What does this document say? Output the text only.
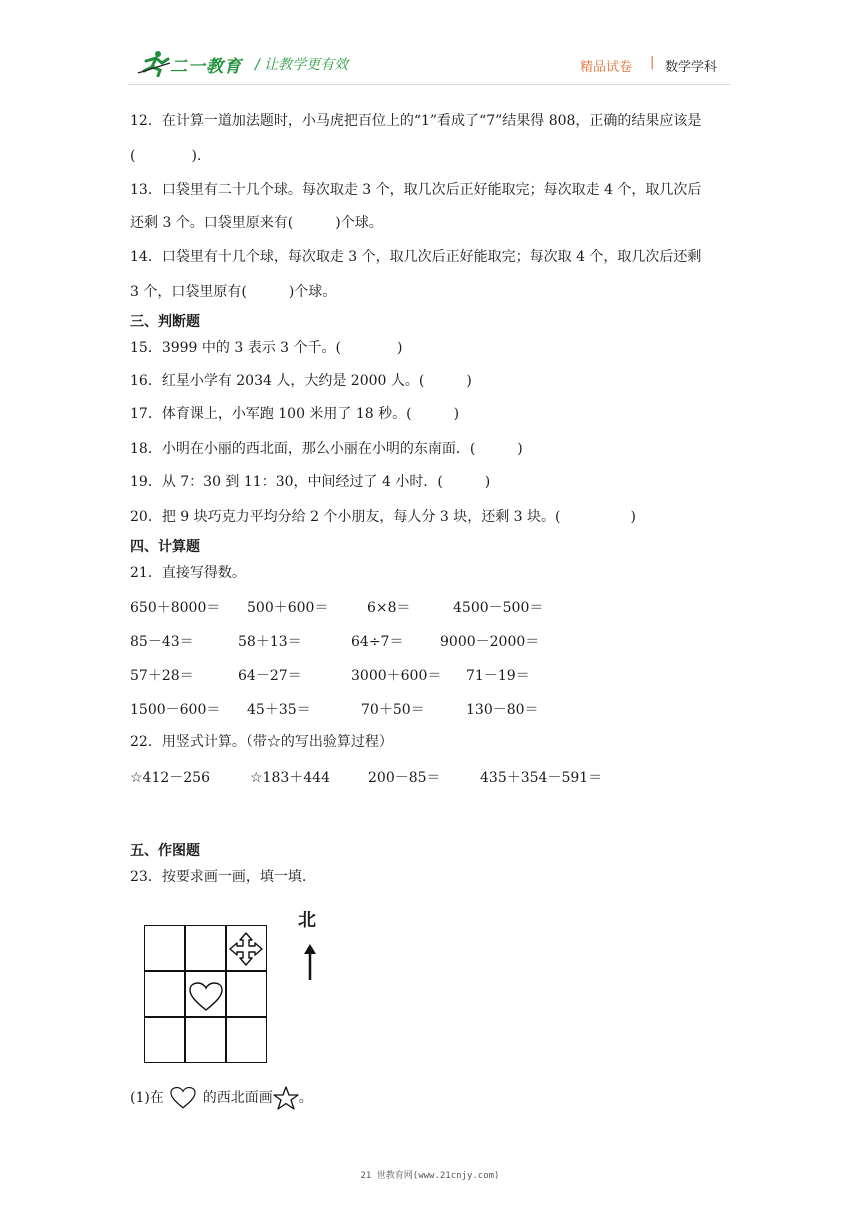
二一教育 / 让教学更有效	精品试卷 | 数学学科
12．在计算一道加法题时，小马虎把百位上的“1”看成了“7”结果得 808，正确的结果应该是
(　　　　).
13．口袋里有二十几个球。每次取走 3 个，取几次后正好能取完；每次取走 4 个，取几次后
还剩 3 个。口袋里原来有(　　　)个球。
14．口袋里有十几个球，每次取走 3 个，取几次后正好能取完；每次取 4 个，取几次后还剩
3 个，口袋里原有(　　　)个球。
三、判断题
15．3999 中的 3 表示 3 个千。(　　　　)
16．红星小学有 2034 人，大约是 2000 人。(　　　)
17．体育课上，小军跑 100 米用了 18 秒。(　　　)
18．小明在小丽的西北面，那么小丽在小明的东南面．(　　　)
19．从 7：30 到 11：30，中间经过了 4 小时．(　　　)
20．把 9 块巧克力平均分给 2 个小朋友，每人分 3 块，还剩 3 块。(　　　　　)
四、计算题
21．直接写得数。
650＋8000＝ 500＋600＝	6×8＝	4500－500＝
85－43＝	58＋13＝	64÷7＝	9000－2000＝
57＋28＝	64－27＝	3000＋600＝ 71－19＝
1500－600＝ 45＋35＝	70＋50＝	130－80＝
22．用竖式计算。（带☆的写出验算过程）
☆412－256	☆183＋444	200－85＝	435＋354－591＝
五、作图题
23．按要求画一画，填一填.
北
(1)在	的西北面画 。
21 世教育网(www.21cnjy.com)
